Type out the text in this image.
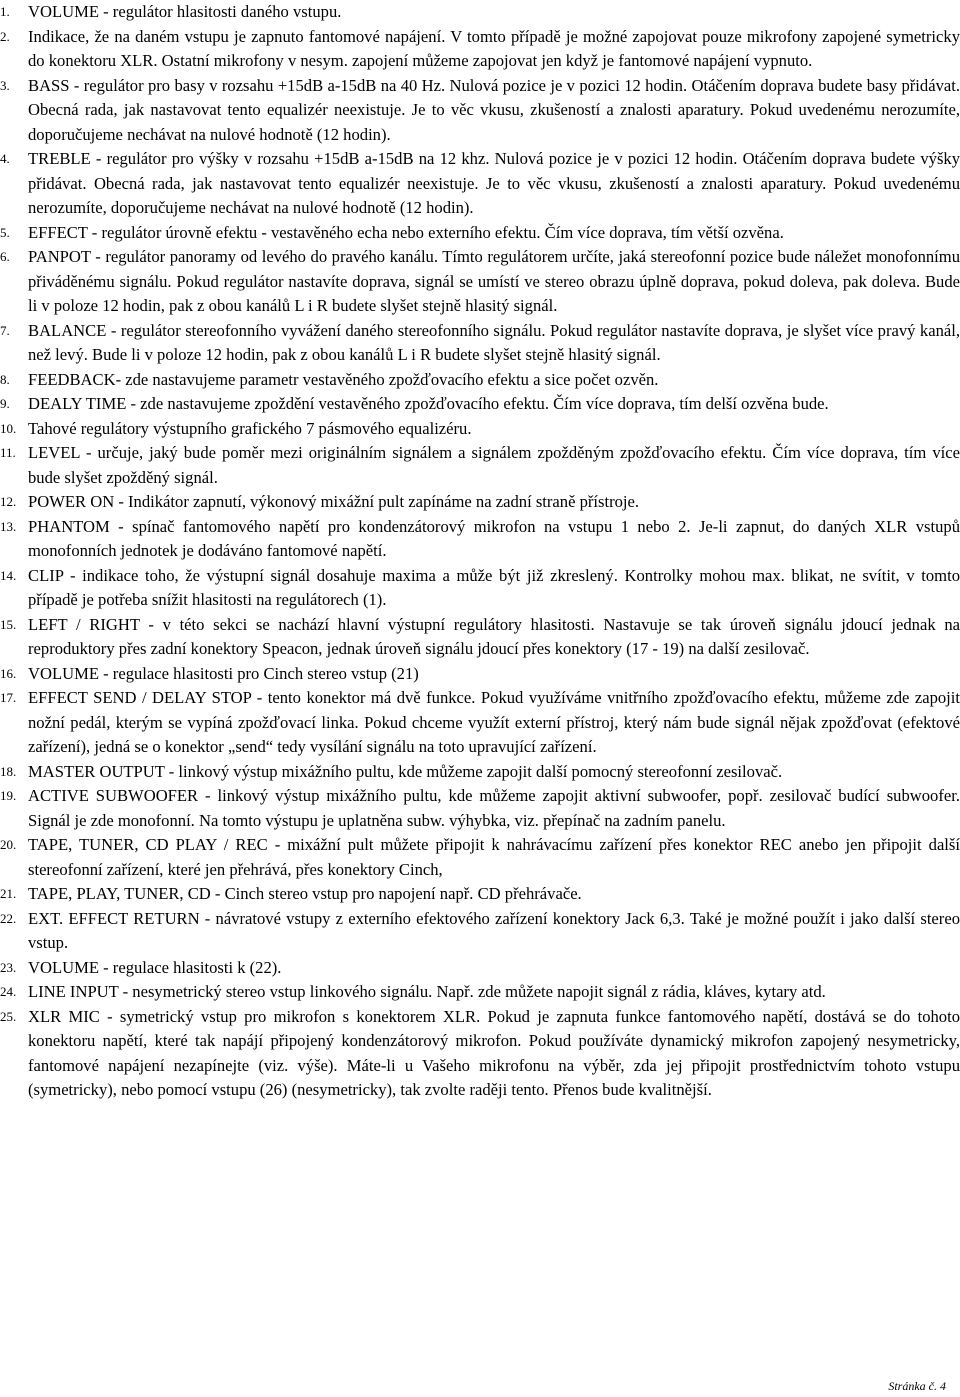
1.	VOLUME - regulátor hlasitosti daného vstupu.
2.	Indikace, že na daném vstupu je zapnuto fantomové napájení. V tomto případě je možné zapojovat pouze mikrofony zapojené symetricky do konektoru XLR. Ostatní mikrofony v nesym. zapojení můžeme zapojovat jen když je fantomové napájení vypnuto.
3.	BASS - regulátor pro basy v rozsahu +15dB a-15dB na 40 Hz. Nulová pozice je v pozici 12 hodin. Otáčením doprava budete basy přidávat. Obecná rada, jak nastavovat tento equalizér neexistuje. Je to věc vkusu, zkušeností a znalosti aparatury. Pokud uvedenému nerozumíte, doporučujeme nechávat na nulové hodnotě (12 hodin).
4.	TREBLE - regulátor pro výšky v rozsahu +15dB a-15dB na 12 khz. Nulová pozice je v pozici 12 hodin. Otáčením doprava budete výšky přidávat. Obecná rada, jak nastavovat tento equalizér neexistuje. Je to věc vkusu, zkušeností a znalosti aparatury. Pokud uvedenému nerozumíte, doporučujeme nechávat na nulové hodnotě (12 hodin).
5.	EFFECT - regulátor úrovně efektu - vestavěného echa nebo externího efektu. Čím více doprava, tím větší ozvěna.
6.	PANPOT - regulátor panoramy od levého do pravého kanálu. Tímto regulátorem určíte, jaká stereofonní pozice bude náležet monofonnímu přiváděnému signálu. Pokud regulátor nastavíte doprava, signál se umístí ve stereo obrazu úplně doprava, pokud doleva, pak doleva. Bude li v poloze 12 hodin, pak z obou kanálů L i R budete slyšet stejně hlasitý signál.
7.	BALANCE - regulátor stereofonního vyvážení daného stereofonního signálu. Pokud regulátor nastavíte doprava, je slyšet více pravý kanál, než levý. Bude li v poloze 12 hodin, pak z obou kanálů L i R budete slyšet stejně hlasitý signál.
8.	FEEDBACK- zde nastavujeme parametr vestavěného zpožďovacího efektu a sice počet ozvěn.
9.	DEALY TIME - zde nastavujeme zpoždění vestavěného zpožďovacího efektu. Čím více doprava, tím delší ozvěna bude.
10. Tahové regulátory výstupního grafického 7 pásmového equalizéru.
11. LEVEL - určuje, jaký bude poměr mezi originálním signálem a signálem zpožděným zpožďovacího efektu. Čím více doprava, tím více bude slyšet zpožděný signál.
12. POWER ON - Indikátor zapnutí, výkonový mixážní pult zapínáme na zadní straně přístroje.
13. PHANTOM - spínač fantomového napětí pro kondenzátorový mikrofon na vstupu 1 nebo 2. Je-li zapnut, do daných XLR vstupů monofonních jednotek je dodáváno fantomové napětí.
14. CLIP - indikace toho, že výstupní signál dosahuje maxima a může být již zkreslený. Kontrolky mohou max. blikat, ne svítit, v tomto případě je potřeba snížit hlasitosti na regulátorech (1).
15. LEFT / RIGHT - v této sekci se nachází hlavní výstupní regulátory hlasitosti. Nastavuje se tak úroveň signálu jdoucí jednak na reproduktory přes zadní konektory Speacon, jednak úroveň signálu jdoucí přes konektory (17 - 19) na další zesilovač.
16. VOLUME - regulace hlasitosti pro Cinch stereo vstup (21)
17. EFFECT SEND / DELAY STOP - tento konektor má dvě funkce. Pokud využíváme vnitřního zpožďovacího efektu, můžeme zde zapojit nožní pedál, kterým se vypíná zpožďovací linka. Pokud chceme využít externí přístroj, který nám bude signál nějak zpožďovat (efektové zařízení), jedná se o konektor „send“ tedy vysílání signálu na toto upravující zařízení.
18. MASTER OUTPUT - linkový výstup mixážního pultu, kde můžeme zapojit další pomocný stereofonní zesilovač.
19. ACTIVE SUBWOOFER - linkový výstup mixážního pultu, kde můžeme zapojit aktivní subwoofer, popř. zesilovač budící subwoofer. Signál je zde monofonní. Na tomto výstupu je uplatněna subw. výhybka, viz. přepínač na zadním panelu.
20. TAPE, TUNER, CD PLAY / REC - mixážní pult můžete připojit k nahrávacímu zařízení přes konektor REC anebo jen připojit další stereofonní zařízení, které jen přehrává, přes konektory Cinch,
21. TAPE, PLAY, TUNER, CD - Cinch stereo vstup pro napojení např. CD přehrávače.
22. EXT. EFFECT RETURN - návratové vstupy z externího efektového zařízení konektory Jack 6,3. Také je možné použít i jako další stereo vstup.
23. VOLUME - regulace hlasitosti k (22).
24. LINE INPUT - nesymetrický stereo vstup linkového signálu. Např. zde můžete napojit signál z rádia, kláves, kytary atd.
25. XLR MIC - symetrický vstup pro mikrofon s konektorem XLR. Pokud je zapnuta funkce fantomového napětí, dostává se do tohoto konektoru napětí, které tak napájí připojený kondenzátorový mikrofon. Pokud používáte dynamický mikrofon zapojený nesymetricky, fantomové napájení nezapínejte (viz. výše). Máte-li u Vašeho mikrofonu na výběr, zda jej připojit prostřednictvím tohoto vstupu (symetricky), nebo pomocí vstupu (26) (nesymetricky), tak zvolte raději tento. Přenos bude kvalitnější.
Stránka č. 4
